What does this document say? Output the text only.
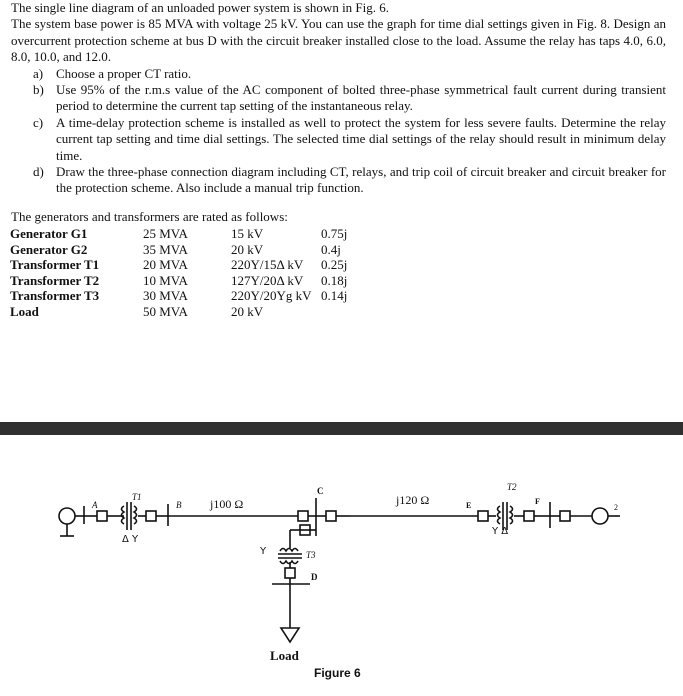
The single line diagram of an unloaded power system is shown in Fig. 6.

The system base power is 85 MVA with voltage 25 kV. You can use the graph for time dial settings given in Fig. 8. Design an overcurrent protection scheme at bus D with the circuit breaker installed close to the load. Assume the relay has taps 4.0, 6.0, 8.0, 10.0, and 12.0.

a) Choose a proper CT ratio.
b) Use 95% of the r.m.s value of the AC component of bolted three-phase symmetrical fault current during transient period to determine the current tap setting of the instantaneous relay.
c) A time-delay protection scheme is installed as well to protect the system for less severe faults. Determine the relay current tap setting and time dial settings. The selected time dial settings of the relay should result in minimum delay time.
d) Draw the three-phase connection diagram including CT, relays, and trip coil of circuit breaker and circuit breaker for the protection scheme. Also include a manual trip function.
The generators and transformers are rated as follows:
Generator G1	25 MVA	15 kV	0.75j
Generator G2	35 MVA	20 kV	0.4j
Transformer T1	20 MVA	220Y/15Δ kV	0.25j
Transformer T2	10 MVA	127Y/20Δ kV	0.18j
Transformer T3	30 MVA	220Y/20Yg kV	0.14j
Load	50 MVA	20 kV	
Δ Y
Y Δ
Y
A
T1
B j100 Ω
C
j120 Ω	E
T2
F
2
T3
D
Load
Figure 6
